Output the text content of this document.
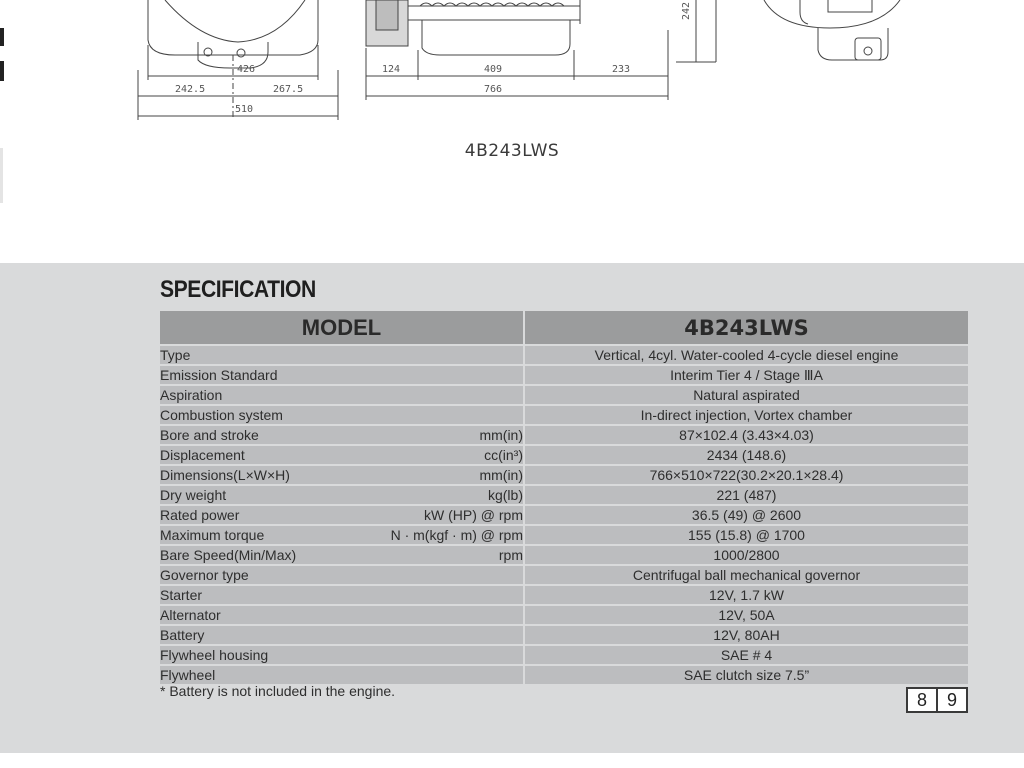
426
242.5	267.5
510
124	409	233
766
242
4B243LWS
SPECIFICATION
MODEL	4B243LWS

Type	Vertical, 4cyl. Water-cooled 4-cycle diesel engine

Emission Standard	Interim Tier 4 / Stage ⅢA

Aspiration	Natural aspirated

Combustion system	In-direct injection, Vortex chamber

Bore and stroke mm(in)	87×102.4 (3.43×4.03)

Displacement cc(in³)	2434 (148.6)

Dimensions(L×W×H) mm(in)	766×510×722(30.2×20.1×28.4)

Dry weight kg(lb)	221 (487)

Rated power kW (HP) @ rpm	36.5 (49) @ 2600

Maximum torque N · m(kgf · m) @ rpm	155 (15.8) @ 1700

Bare Speed(Min/Max) rpm	1000/2800

Governor type	Centrifugal ball mechanical governor

Starter	12V, 1.7 kW

Alternator	12V, 50A

Battery	12V, 80AH

Flywheel housing	SAE # 4

Flywheel	SAE clutch size 7.5”
* Battery is not included in the engine.	8	9
